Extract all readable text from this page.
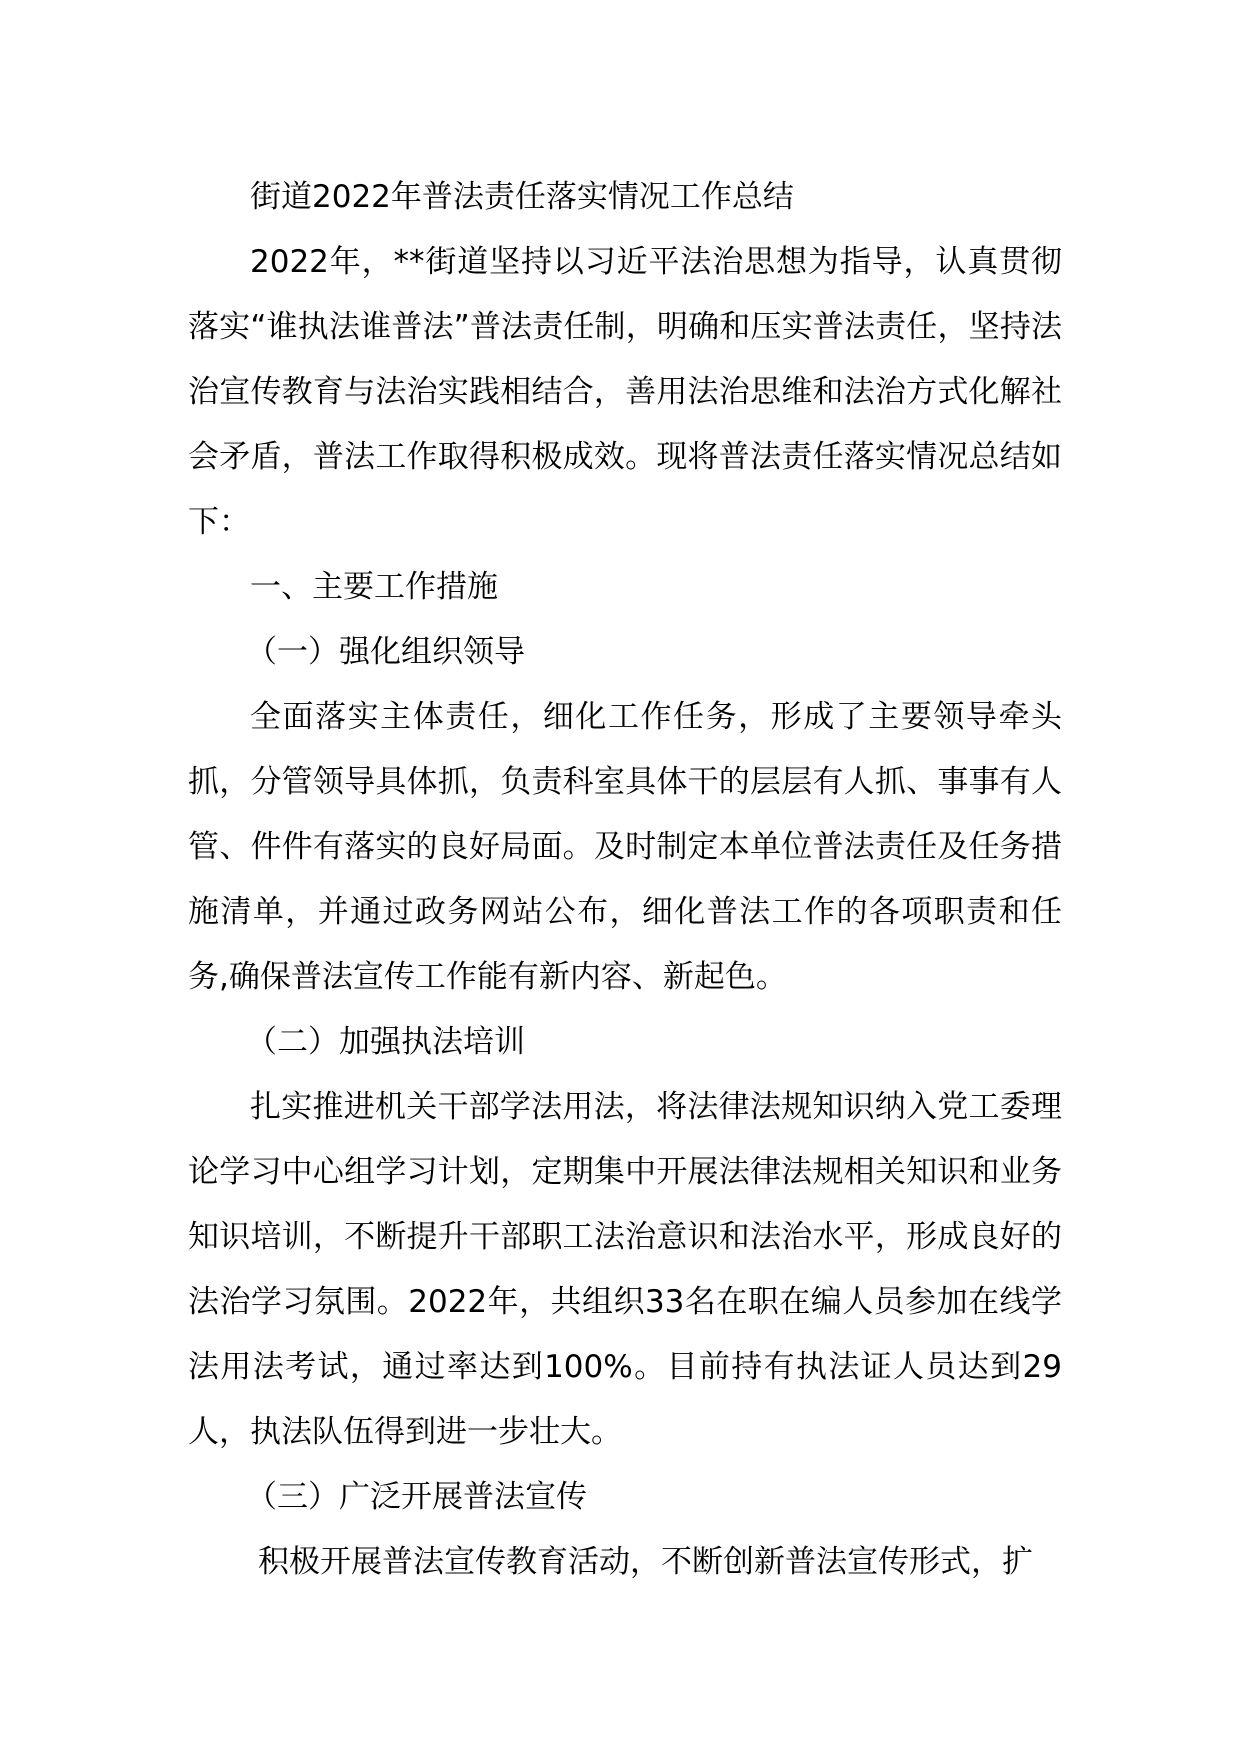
街道2022年普法责任落实情况工作总结

2022年，**街道坚持以习近平法治思想为指导，认真贯彻落实“谁执法谁普法”普法责任制，明确和压实普法责任，坚持法治宣传教育与法治实践相结合，善用法治思维和法治方式化解社会矛盾，普法工作取得积极成效。现将普法责任落实情况总结如下：

一、主要工作措施

（一）强化组织领导

全面落实主体责任，细化工作任务，形成了主要领导牵头抓，分管领导具体抓，负责科室具体干的层层有人抓、事事有人管、件件有落实的良好局面。及时制定本单位普法责任及任务措施清单，并通过政务网站公布，细化普法工作的各项职责和任务,确保普法宣传工作能有新内容、新起色。

（二）加强执法培训

扎实推进机关干部学法用法，将法律法规知识纳入党工委理论学习中心组学习计划，定期集中开展法律法规相关知识和业务知识培训，不断提升干部职工法治意识和法治水平，形成良好的法治学习氛围。2022年，共组织33名在职在编人员参加在线学法用法考试，通过率达到100%。目前持有执法证人员达到29人，执法队伍得到进一步壮大。

（三）广泛开展普法宣传

积极开展普法宣传教育活动，不断创新普法宣传形式，扩
